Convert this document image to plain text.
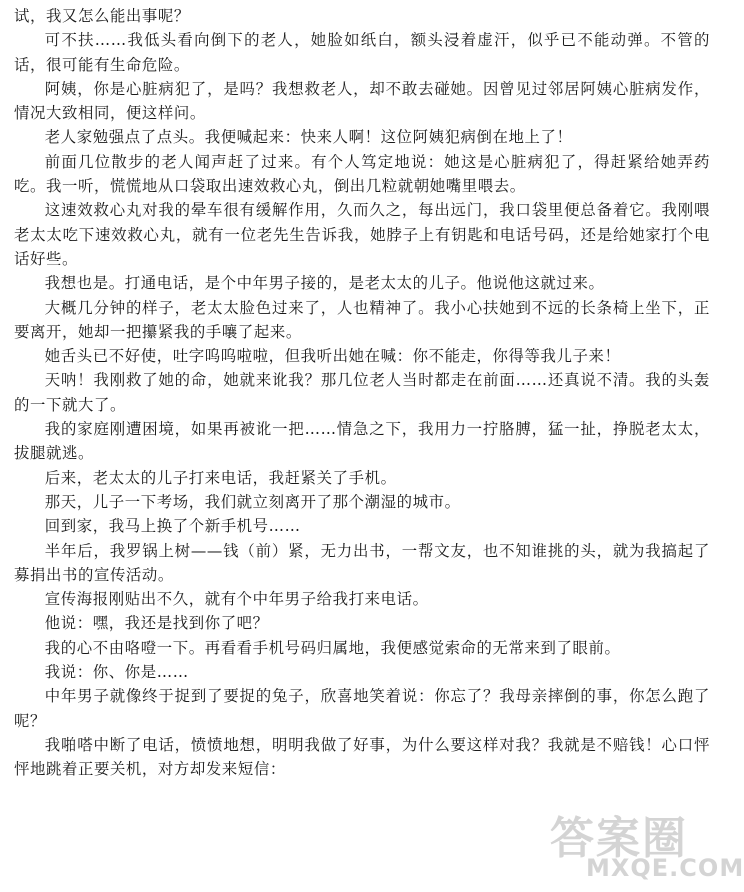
试，我又怎么能出事呢？

可不扶……我低头看向倒下的老人，她脸如纸白，额头浸着虚汗，似乎已不能动弹。不管的话，很可能有生命危险。

阿姨，你是心脏病犯了，是吗？我想救老人，却不敢去碰她。因曾见过邻居阿姨心脏病发作，情况大致相同，便这样问。

老人家勉强点了点头。我便喊起来：快来人啊！这位阿姨犯病倒在地上了！

前面几位散步的老人闻声赶了过来。有个人笃定地说：她这是心脏病犯了，得赶紧给她弄药吃。我一听，慌慌地从口袋取出速效救心丸，倒出几粒就朝她嘴里喂去。

这速效救心丸对我的晕车很有缓解作用，久而久之，每出远门，我口袋里便总备着它。我刚喂老太太吃下速效救心丸，就有一位老先生告诉我，她脖子上有钥匙和电话号码，还是给她家打个电话好些。

我想也是。打通电话，是个中年男子接的，是老太太的儿子。他说他这就过来。

大概几分钟的样子，老太太脸色过来了，人也精神了。我小心扶她到不远的长条椅上坐下，正要离开，她却一把攥紧我的手嚷了起来。

她舌头已不好使，吐字呜呜啦啦，但我听出她在喊：你不能走，你得等我儿子来！

天呐！我刚救了她的命，她就来讹我？那几位老人当时都走在前面……还真说不清。我的头轰的一下就大了。

我的家庭刚遭困境，如果再被讹一把……情急之下，我用力一拧胳膊，猛一扯，挣脱老太太，拔腿就逃。

后来，老太太的儿子打来电话，我赶紧关了手机。

那天，儿子一下考场，我们就立刻离开了那个潮湿的城市。

回到家，我马上换了个新手机号……

半年后，我罗锅上树——钱（前）紧，无力出书，一帮文友，也不知谁挑的头，就为我搞起了募捐出书的宣传活动。

宣传海报刚贴出不久，就有个中年男子给我打来电话。

他说：嘿，我还是找到你了吧？

我的心不由咯噔一下。再看看手机号码归属地，我便感觉索命的无常来到了眼前。

我说：你、你是……

中年男子就像终于捉到了要捉的兔子，欣喜地笑着说：你忘了？我母亲摔倒的事，你怎么跑了呢？

我啪嗒中断了电话，愤愤地想，明明我做了好事，为什么要这样对我？我就是不赔钱！心口怦怦地跳着正要关机，对方却发来短信：

答案圈
MXQE.COM
